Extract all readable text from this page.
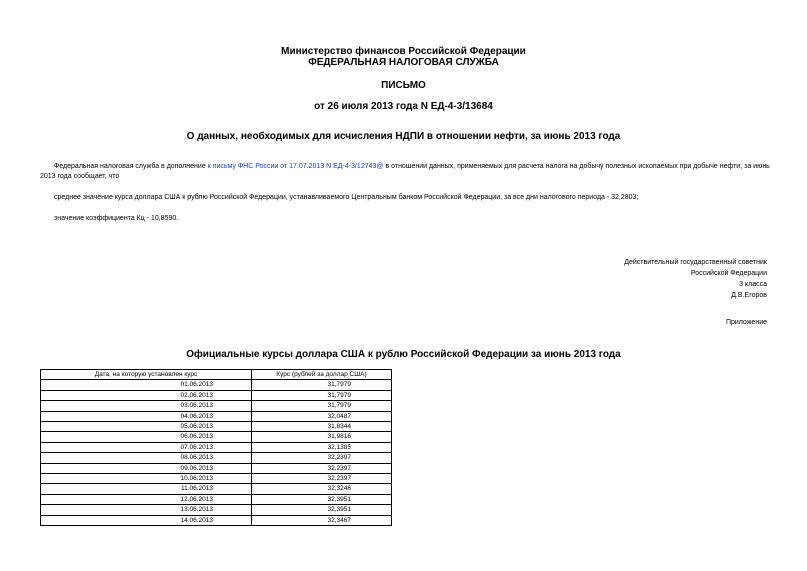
Министерство финансов Российской Федерации
ФЕДЕРАЛЬНАЯ НАЛОГОВАЯ СЛУЖБА
ПИСЬМО
от 26 июля 2013 года N ЕД-4-3/13684
О данных, необходимых для исчисления НДПИ в отношении нефти, за июнь 2013 года
Федеральная налоговая служба в дополнение к письму ФНС России от 17.07.2013 N ЕД-4-3/12743@ в отношении данных, применяемых для расчета налога на добычу полезных ископаемых при добыче нефти, за июнь 2013 года сообщает, что
среднее значение курса доллара США к рублю Российской Федерации, устанавливаемого Центральным банком Российской Федерации, за все дни налогового периода - 32,2803;
значение коэффициента Кц - 10,8590.
Действительный государственный советник
Российской Федерации
3 класса
Д.В.Егоров
Приложение
Официальные курсы доллара США к рублю Российской Федерации за июнь 2013 года
Дата, на которую установлен курс	Курс (рублей за доллар США)
01.06.2013	31,7979
02.06.2013	31,7979
03.06.2013	31,7979
04.06.2013	32,0487
05.06.2013	31,8344
06.06.2013	31,9816
07.06.2013	32,1385
08.06.2013	32,2397
09.06.2013	32,2397
10.06.2013	32,2397
11.06.2013	32,3246
12.06.2013	32,3951
13.06.2013	32,3951
14.06.2013	32,3467
